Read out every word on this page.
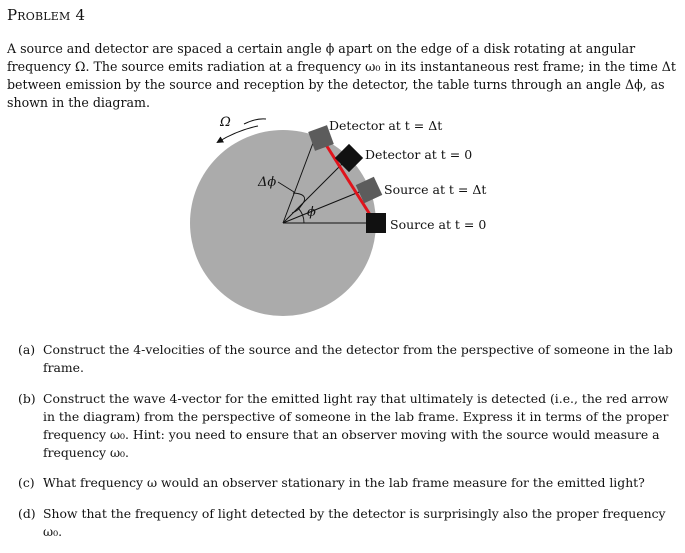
Problem 4

A source and detector are spaced a certain angle ϕ apart on the edge of a disk rotating at angular frequency Ω. The source emits radiation at a frequency ω₀ in its instantaneous rest frame; in the time Δt between emission by the source and reception by the detector, the table turns through an angle Δϕ, as shown in the diagram.

Ω
ϕ
Δϕ
Detector at t = Δt
Detector at t = 0
Source at t = Δt
Source at t = 0
(a) Construct the 4-velocities of the source and the detector from the perspective of someone in the lab frame.
(b) Construct the wave 4-vector for the emitted light ray that ultimately is detected (i.e., the red arrow in the diagram) from the perspective of someone in the lab frame. Express it in terms of the proper frequency ω₀. Hint: you need to ensure that an observer moving with the source would measure a frequency ω₀.
(c) What frequency ω would an observer stationary in the lab frame measure for the emitted light?
(d) Show that the frequency of light detected by the detector is surprisingly also the proper frequency ω₀.
